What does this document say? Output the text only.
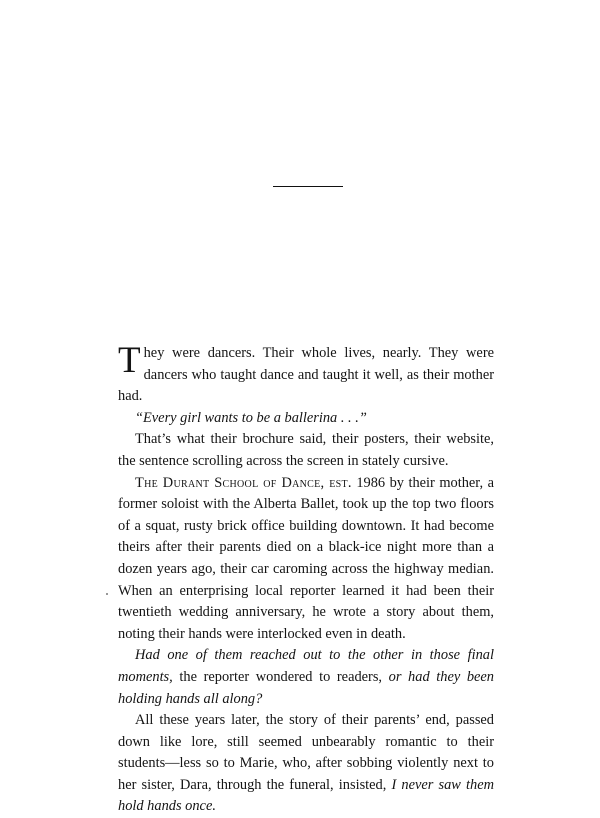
They were dancers. Their whole lives, nearly. They were dancers who taught dance and taught it well, as their mother had.

“Every girl wants to be a ballerina . . .”

That’s what their brochure said, their posters, their website, the sentence scrolling across the screen in stately cursive.

The Durant School of Dance, est. 1986 by their mother, a former soloist with the Alberta Ballet, took up the top two floors of a squat, rusty brick office building downtown. It had become theirs after their parents died on a black-ice night more than a dozen years ago, their car caroming across the highway median. When an enterprising local reporter learned it had been their twentieth wedding anniversary, he wrote a story about them, noting their hands were interlocked even in death.

Had one of them reached out to the other in those final moments, the reporter wondered to readers, or had they been holding hands all along?

All these years later, the story of their parents’ end, passed down like lore, still seemed unbearably romantic to their students—less so to Marie, who, after sobbing violently next to her sister, Dara, through the funeral, insisted, I never saw them hold hands once.
